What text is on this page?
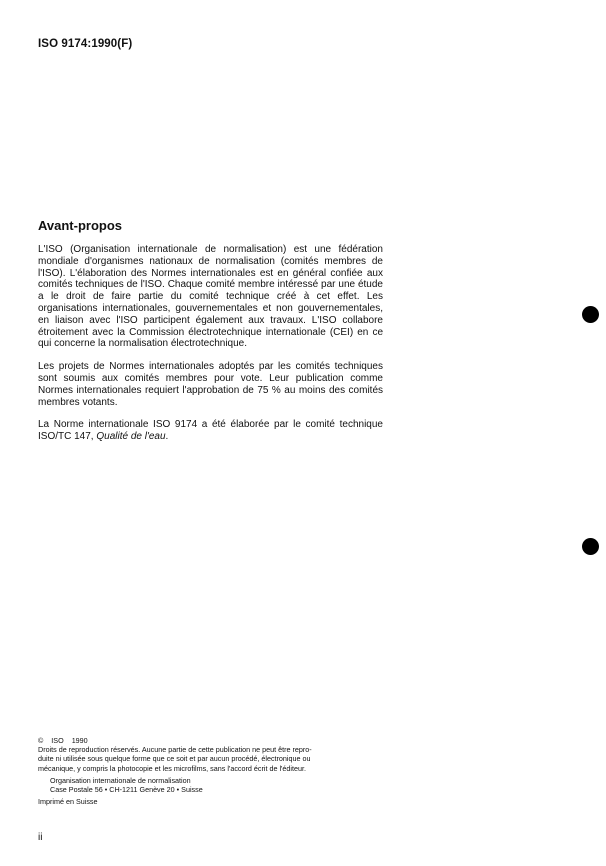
ISO 9174:1990(F)
Avant-propos

L'ISO (Organisation internationale de normalisation) est une fédération mondiale d'organismes nationaux de normalisation (comités membres de l'ISO). L'élaboration des Normes internationales est en général confiée aux comités techniques de l'ISO. Chaque comité membre intéressé par une étude a le droit de faire partie du comité technique créé à cet effet. Les organisations internationales, gouvernementales et non gouvernementales, en liaison avec l'ISO participent également aux travaux. L'ISO collabore étroitement avec la Commission électrotechnique internationale (CEI) en ce qui concerne la normalisation électrotechnique.

Les projets de Normes internationales adoptés par les comités techniques sont soumis aux comités membres pour vote. Leur publication comme Normes internationales requiert l'approbation de 75 % au moins des comités membres votants.

La Norme internationale ISO 9174 a été élaborée par le comité technique ISO/TC 147, Qualité de l'eau.

© ISO 1990
Droits de reproduction réservés. Aucune partie de cette publication ne peut être repro-
duite ni utilisée sous quelque forme que ce soit et par aucun procédé, électronique ou
mécanique, y compris la photocopie et les microfilms, sans l'accord écrit de l'éditeur.
Organisation internationale de normalisation
Case Postale 56 • CH-1211 Genève 20 • Suisse
Imprimé en Suisse
ii
